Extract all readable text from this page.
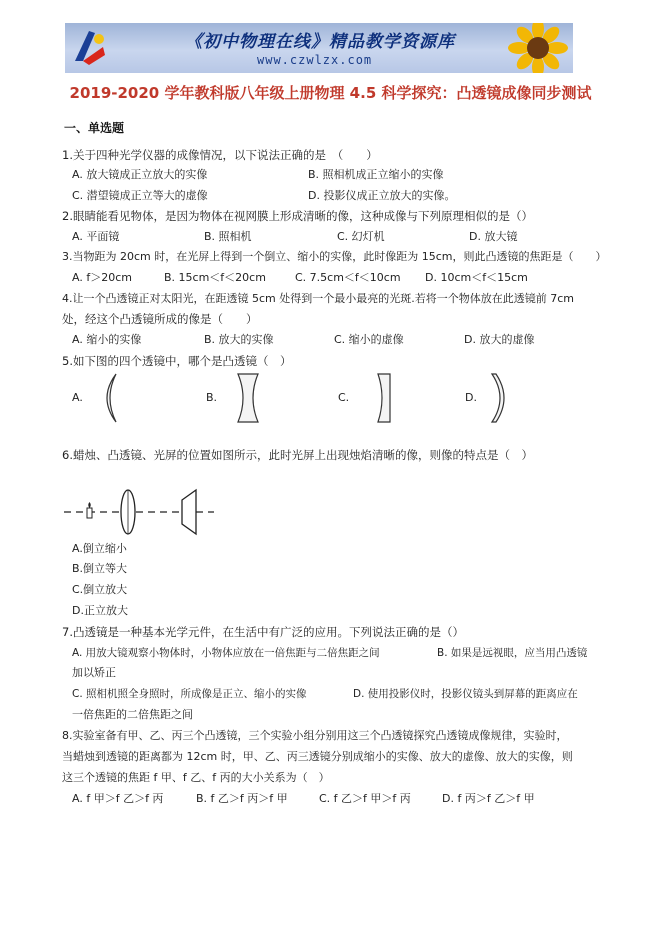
《初中物理在线》精品教学资源库
www.czwlzx.com
2019-2020 学年教科版八年级上册物理 4.5 科学探究：凸透镜成像同步测试
一、单选题
1.关于四种光学仪器的成像情况，以下说法正确的是　（　　）
A. 放大镜成正立放大的实像	B. 照相机成正立缩小的实像
C. 潜望镜成正立等大的虚像	D. 投影仪成正立放大的实像。
2.眼睛能看见物体，是因为物体在视网膜上形成清晰的像，这种成像与下列原理相似的是（）
A. 平面镜	B. 照相机	C. 幻灯机	D. 放大镜
3.当物距为 20cm 时，在光屏上得到一个倒立、缩小的实像，此时像距为 15cm，则此凸透镜的焦距是（　　）
A. f＞20cm	B. 15cm＜f＜20cm	C. 7.5cm＜f＜10cm D. 10cm＜f＜15cm
4.让一个凸透镜正对太阳光，在距透镜 5cm 处得到一个最小最亮的光斑.若将一个物体放在此透镜前 7cm
处，经这个凸透镜所成的像是（　　）
A. 缩小的实像	B. 放大的实像	C. 缩小的虚像	D. 放大的虚像
5.如下图的四个透镜中，哪个是凸透镜（　）
A.	B.	C.	D.
6.蜡烛、凸透镜、光屏的位置如图所示，此时光屏上出现烛焰清晰的像，则像的特点是（　）
A.倒立缩小
B.倒立等大
C.倒立放大
D.正立放大
7.凸透镜是一种基本光学元件，在生活中有广泛的应用。下列说法正确的是（）
A. 用放大镜观察小物体时，小物体应放在一倍焦距与二倍焦距之间	B. 如果是远视眼，应当用凸透镜
加以矫正
C. 照相机照全身照时，所成像是正立、缩小的实像	D. 使用投影仪时，投影仪镜头到屏幕的距离应在
一倍焦距的二倍焦距之间
8.实验室备有甲、乙、丙三个凸透镜，三个实验小组分别用这三个凸透镜探究凸透镜成像规律，实验时，
当蜡烛到透镜的距离都为 12cm 时，甲、乙、丙三透镜分别成缩小的实像、放大的虚像、放大的实像，则
这三个透镜的焦距 f 甲、f 乙、f 丙的大小关系为（　）
A. f 甲＞f 乙＞f 丙	B. f 乙＞f 丙＞f 甲	C. f 乙＞f 甲＞f 丙	D. f 丙＞f 乙＞f 甲
